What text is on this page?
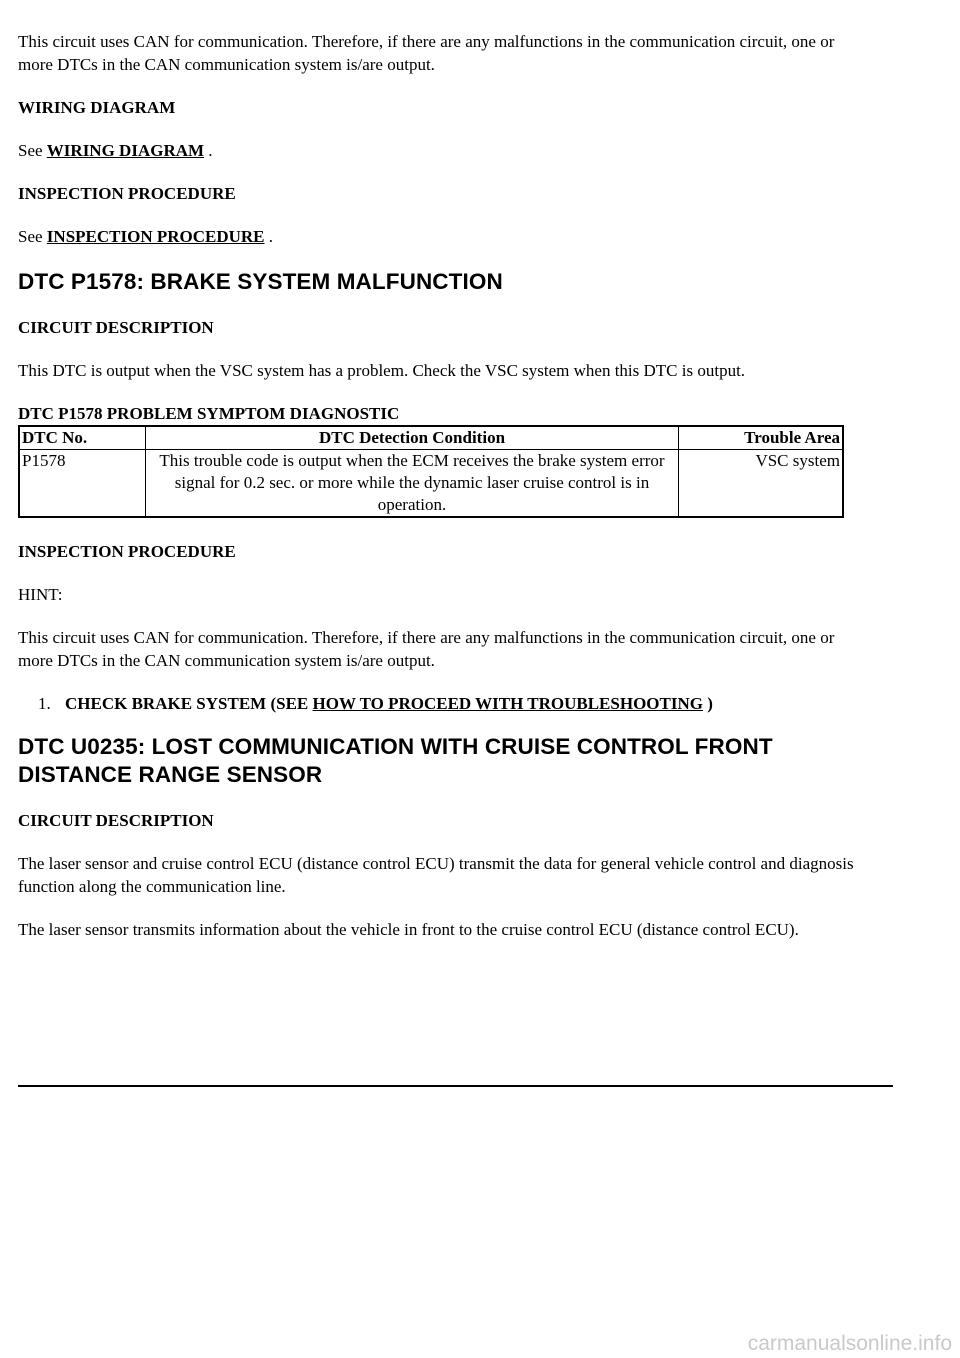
This circuit uses CAN for communication. Therefore, if there are any malfunctions in the communication circuit, one or more DTCs in the CAN communication system is/are output.

WIRING DIAGRAM

See WIRING DIAGRAM .

INSPECTION PROCEDURE

See INSPECTION PROCEDURE .

DTC P1578: BRAKE SYSTEM MALFUNCTION

CIRCUIT DESCRIPTION

This DTC is output when the VSC system has a problem. Check the VSC system when this DTC is output.

DTC P1578 PROBLEM SYMPTOM DIAGNOSTIC

DTC No.	DTC Detection Condition	Trouble Area
P1578	This trouble code is output when the ECM receives the brake system error signal for 0.2 sec. or more while the dynamic laser cruise control is in operation.	VSC system

INSPECTION PROCEDURE

HINT:

This circuit uses CAN for communication. Therefore, if there are any malfunctions in the communication circuit, one or more DTCs in the CAN communication system is/are output.

1. CHECK BRAKE SYSTEM (SEE HOW TO PROCEED WITH TROUBLESHOOTING )
DTC U0235: LOST COMMUNICATION WITH CRUISE CONTROL FRONT DISTANCE RANGE SENSOR

CIRCUIT DESCRIPTION

The laser sensor and cruise control ECU (distance control ECU) transmit the data for general vehicle control and diagnosis function along the communication line.

The laser sensor transmits information about the vehicle in front to the cruise control ECU (distance control ECU).

carmanualsonline.info
